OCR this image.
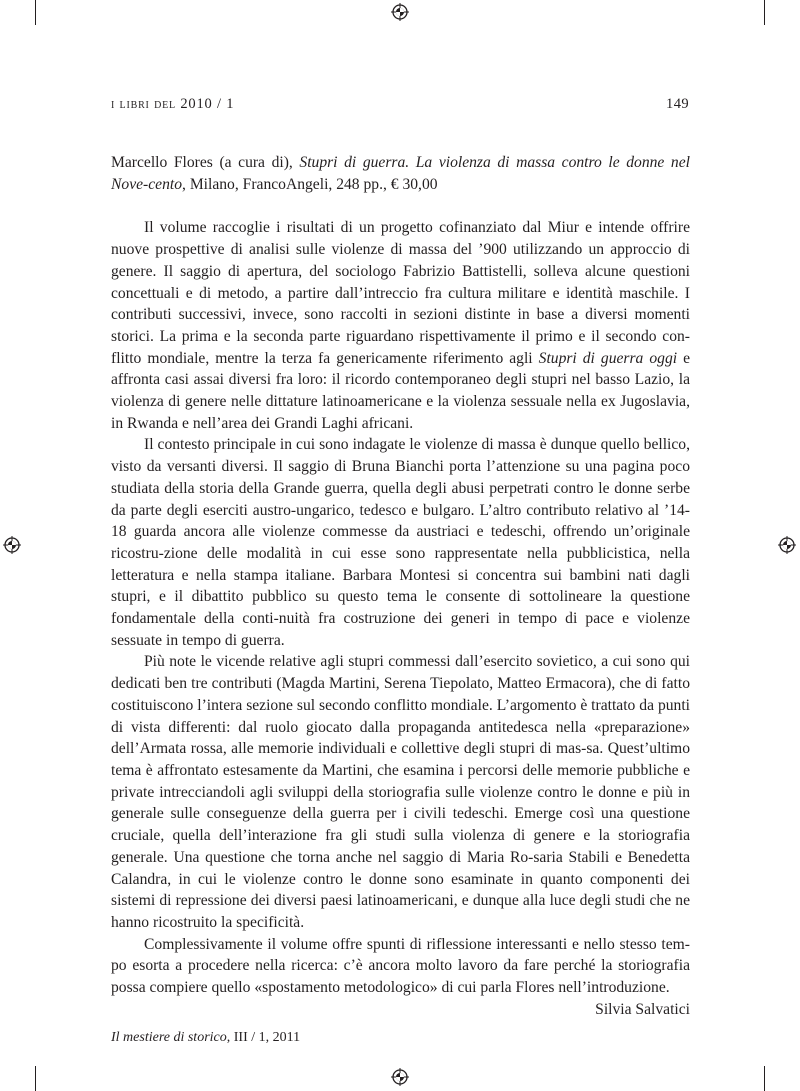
i libri del 2010 / 1	149

Marcello Flores (a cura di), Stupri di guerra. La violenza di massa contro le donne nel Nove-cento, Milano, FrancoAngeli, 248 pp., € 30,00

Il volume raccoglie i risultati di un progetto cofinanziato dal Miur e intende offrire nuove prospettive di analisi sulle violenze di massa del ’900 utilizzando un approccio di genere. Il saggio di apertura, del sociologo Fabrizio Battistelli, solleva alcune questioni concettuali e di metodo, a partire dall’intreccio fra cultura militare e identità maschile. I contributi successivi, invece, sono raccolti in sezioni distinte in base a diversi momenti storici. La prima e la seconda parte riguardano rispettivamente il primo e il secondo con-flitto mondiale, mentre la terza fa genericamente riferimento agli Stupri di guerra oggi e affronta casi assai diversi fra loro: il ricordo contemporaneo degli stupri nel basso Lazio, la violenza di genere nelle dittature latinoamericane e la violenza sessuale nella ex Jugoslavia, in Rwanda e nell’area dei Grandi Laghi africani.

Il contesto principale in cui sono indagate le violenze di massa è dunque quello bellico, visto da versanti diversi. Il saggio di Bruna Bianchi porta l’attenzione su una pagina poco studiata della storia della Grande guerra, quella degli abusi perpetrati contro le donne serbe da parte degli eserciti austro-ungarico, tedesco e bulgaro. L’altro contributo relativo al ’14-18 guarda ancora alle violenze commesse da austriaci e tedeschi, offrendo un’originale ricostru-zione delle modalità in cui esse sono rappresentate nella pubblicistica, nella letteratura e nella stampa italiane. Barbara Montesi si concentra sui bambini nati dagli stupri, e il dibattito pubblico su questo tema le consente di sottolineare la questione fondamentale della conti-nuità fra costruzione dei generi in tempo di pace e violenze sessuate in tempo di guerra.

Più note le vicende relative agli stupri commessi dall’esercito sovietico, a cui sono qui dedicati ben tre contributi (Magda Martini, Serena Tiepolato, Matteo Ermacora), che di fatto costituiscono l’intera sezione sul secondo conflitto mondiale. L’argomento è trattato da punti di vista differenti: dal ruolo giocato dalla propaganda antitedesca nella «preparazione» dell’Armata rossa, alle memorie individuali e collettive degli stupri di mas-sa. Quest’ultimo tema è affrontato estesamente da Martini, che esamina i percorsi delle memorie pubbliche e private intrecciandoli agli sviluppi della storiografia sulle violenze contro le donne e più in generale sulle conseguenze della guerra per i civili tedeschi. Emerge così una questione cruciale, quella dell’interazione fra gli studi sulla violenza di genere e la storiografia generale. Una questione che torna anche nel saggio di Maria Ro-saria Stabili e Benedetta Calandra, in cui le violenze contro le donne sono esaminate in quanto componenti dei sistemi di repressione dei diversi paesi latinoamericani, e dunque alla luce degli studi che ne hanno ricostruito la specificità.

Complessivamente il volume offre spunti di riflessione interessanti e nello stesso tem-po esorta a procedere nella ricerca: c’è ancora molto lavoro da fare perché la storiografia possa compiere quello «spostamento metodologico» di cui parla Flores nell’introduzione.

Silvia Salvatici

Il mestiere di storico, III / 1, 2011
